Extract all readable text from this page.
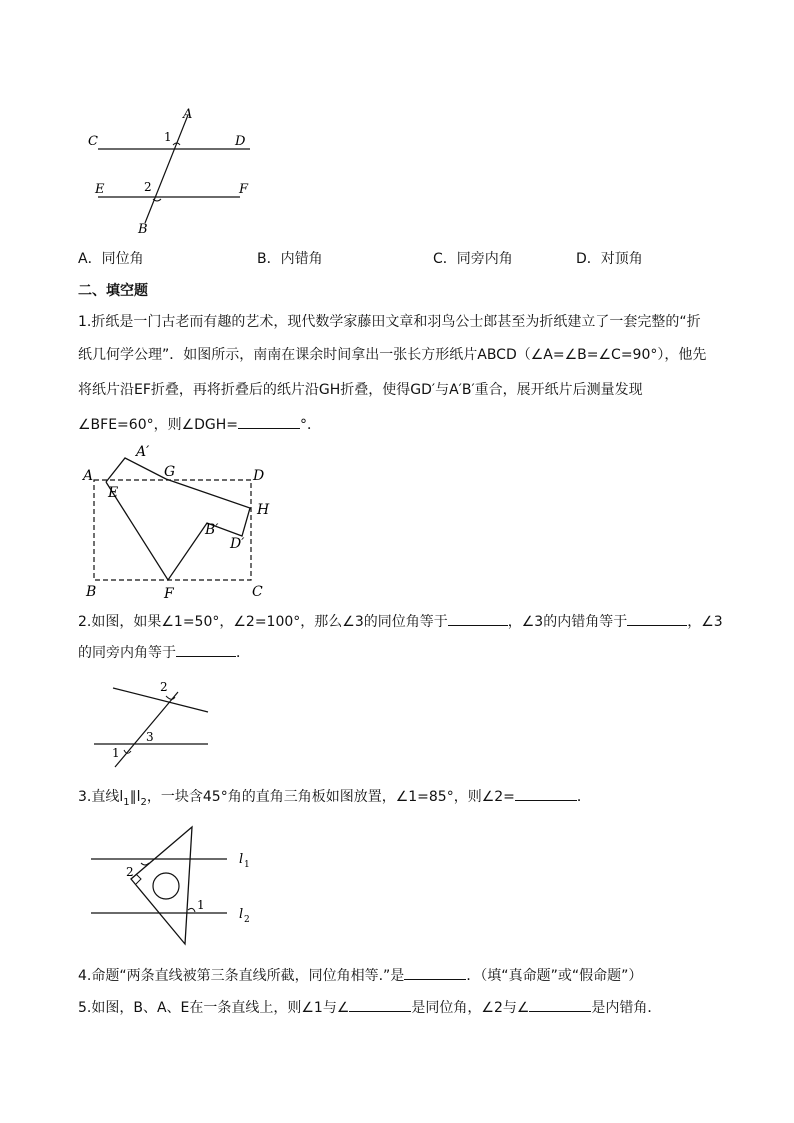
A
C	D
E	F
B
1
2
A．同位角	B．内错角	C．同旁内角	D．对顶角
二、填空题
1.折纸是一门古老而有趣的艺术，现代数学家藤田文章和羽鸟公士郎甚至为折纸建立了一套完整的“折
纸几何学公理”．如图所示，南南在课余时间拿出一张长方形纸片ABCD（∠A=∠B=∠C=90°），他先
将纸片沿EF折叠，再将折叠后的纸片沿GH折叠，使得GD′与A′B′重合，展开纸片后测量发现
∠BFE=60°，则∠DGH=	°．
A
A′
G	D
E
H
B′
D′
B	F	C
2.如图，如果∠1=50°，∠2=100°，那么∠3的同位角等于	，∠3的内错角等于	，∠3
的同旁内角等于	．
2
3
1
3.直线$l_1\parallel l_2$，一块含45°角的直角三角板如图放置，∠1=85°，则∠2=	．
2
1
l 1
l 2
4.命题“两条直线被第三条直线所截，同位角相等.”是	．（填“真命题”或“假命题”）
5.如图，B、A、E在一条直线上，则∠1与∠	是同位角，∠2与∠	是内错角．
